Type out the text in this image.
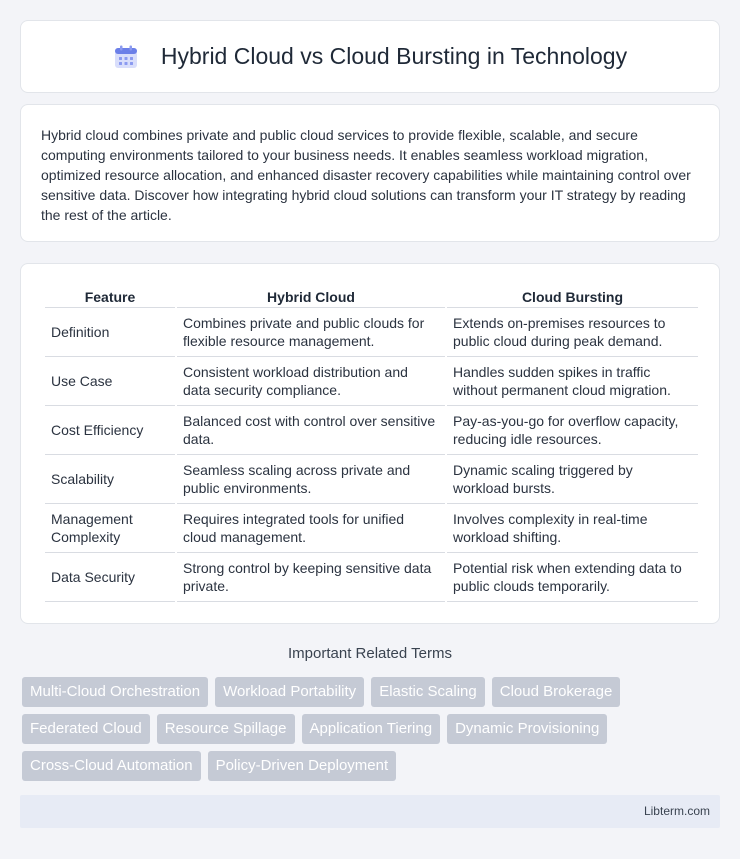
Hybrid Cloud vs Cloud Bursting in Technology

Hybrid cloud combines private and public cloud services to provide flexible, scalable, and secure computing environments tailored to your business needs. It enables seamless workload migration, optimized resource allocation, and enhanced disaster recovery capabilities while maintaining control over sensitive data. Discover how integrating hybrid cloud solutions can transform your IT strategy by reading the rest of the article.

Feature	Hybrid Cloud	Cloud Bursting
Definition	Combines private and public clouds for flexible resource management.	Extends on-premises resources to public cloud during peak demand.
Use Case	Consistent workload distribution and data security compliance.	Handles sudden spikes in traffic without permanent cloud migration.
Cost Efficiency	Balanced cost with control over sensitive data.	Pay-as-you-go for overflow capacity, reducing idle resources.
Scalability	Seamless scaling across private and public environments.	Dynamic scaling triggered by workload bursts.
Management Complexity	Requires integrated tools for unified cloud management.	Involves complexity in real-time workload shifting.
Data Security	Strong control by keeping sensitive data private.	Potential risk when extending data to public clouds temporarily.
Important Related Terms
Multi-Cloud Orchestration	Workload Portability	Elastic Scaling	Cloud Brokerage
Federated Cloud	Resource Spillage	Application Tiering	Dynamic Provisioning
Cross-Cloud Automation	Policy-Driven Deployment
Libterm.com
